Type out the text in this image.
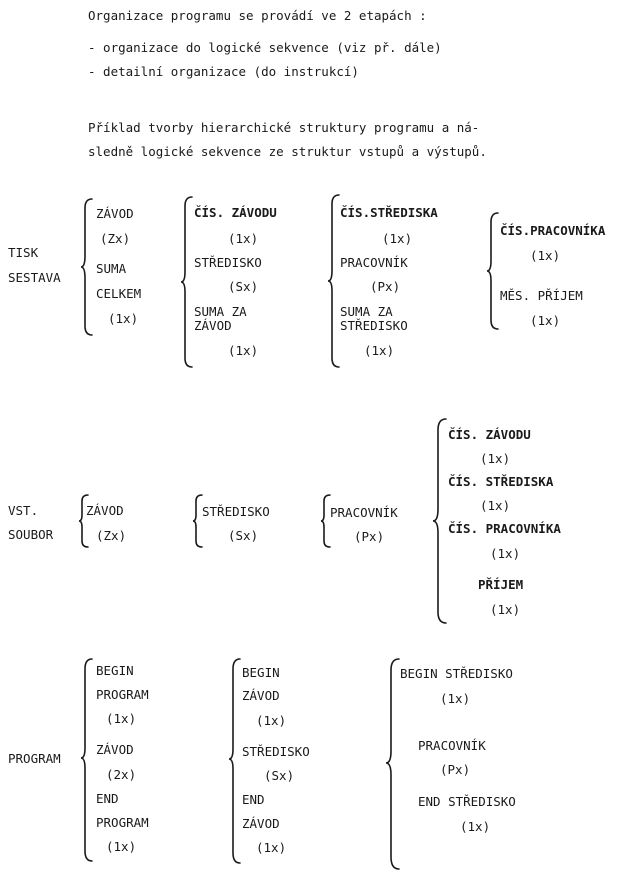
Organizace programu se provádí ve 2 etapách :
- organizace do logické sekvence (viz př. dále)
- detailní organizace (do instrukcí)
Příklad tvorby hierarchické struktury programu a ná-
sledně logické sekvence ze struktur vstupů a výstupů.
TISK
SESTAVA
ZÁVOD
(Zx)
SUMA
CELKEM
(1x)
ČÍS. ZÁVODU
(1x)
STŘEDISKO
(Sx)
SUMA ZA
ZÁVOD
(1x)
ČÍS.STŘEDISKA
(1x)
PRACOVNÍK
(Px)
SUMA ZA
STŘEDISKO
(1x)
ČÍS.PRACOVNÍKA
(1x)
MĚS. PŘÍJEM
(1x)
VST.
SOUBOR
ZÁVOD
(Zx)
STŘEDISKO
(Sx)
PRACOVNÍK
(Px)
ČÍS. ZÁVODU
(1x)
ČÍS. STŘEDISKA
(1x)
ČÍS. PRACOVNÍKA
(1x)
PŘÍJEM
(1x)
PROGRAM
BEGIN
PROGRAM
(1x)
ZÁVOD
(2x)
END
PROGRAM
(1x)
BEGIN
ZÁVOD
(1x)
STŘEDISKO
(Sx)
END
ZÁVOD
(1x)
BEGIN STŘEDISKO
(1x)
PRACOVNÍK
(Px)
END STŘEDISKO
(1x)
